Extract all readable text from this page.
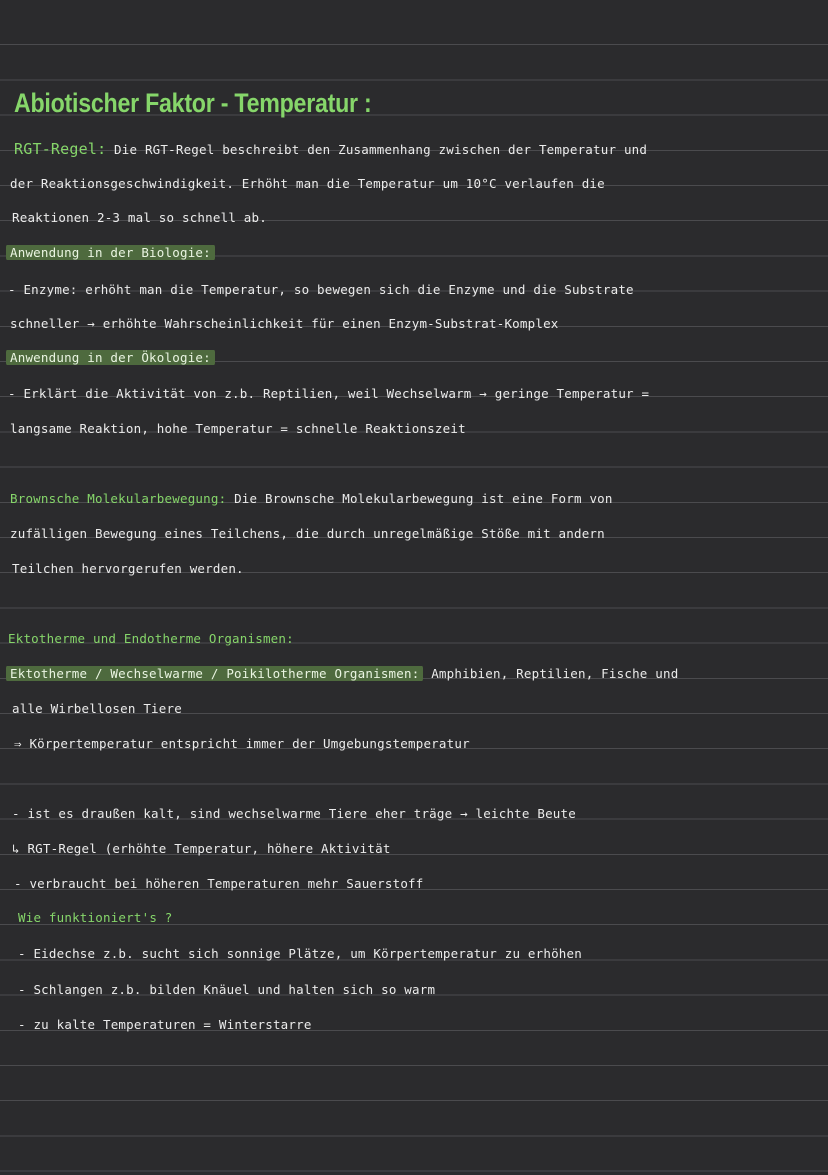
Abiotischer Faktor - Temperatur :
RGT-Regel: Die RGT-Regel beschreibt den Zusammenhang zwischen der Temperatur und
der Reaktionsgeschwindigkeit. Erhöht man die Temperatur um 10°C verlaufen die
Reaktionen 2-3 mal so schnell ab.
Anwendung in der Biologie:
- Enzyme: erhöht man die Temperatur, so bewegen sich die Enzyme und die Substrate
schneller → erhöhte Wahrscheinlichkeit für einen Enzym-Substrat-Komplex
Anwendung in der Ökologie:
- Erklärt die Aktivität von z.b. Reptilien, weil Wechselwarm → geringe Temperatur =
langsame Reaktion, hohe Temperatur = schnelle Reaktionszeit
Brownsche Molekularbewegung: Die Brownsche Molekularbewegung ist eine Form von
zufälligen Bewegung eines Teilchens, die durch unregelmäßige Stöße mit andern
Teilchen hervorgerufen werden.
Ektotherme und Endotherme Organismen:
Ektotherme / Wechselwarme / Poikilotherme Organismen: Amphibien, Reptilien, Fische und
alle Wirbellosen Tiere
⇒ Körpertemperatur entspricht immer der Umgebungstemperatur
- ist es draußen kalt, sind wechselwarme Tiere eher träge → leichte Beute
↳ RGT-Regel (erhöhte Temperatur, höhere Aktivität
- verbraucht bei höheren Temperaturen mehr Sauerstoff
Wie funktioniert's ?
- Eidechse z.b. sucht sich sonnige Plätze, um Körpertemperatur zu erhöhen
- Schlangen z.b. bilden Knäuel und halten sich so warm
- zu kalte Temperaturen = Winterstarre
